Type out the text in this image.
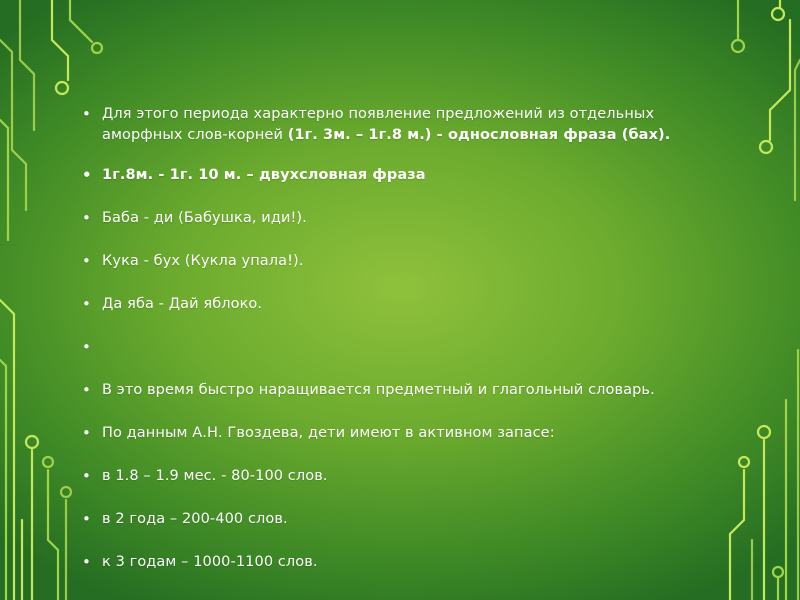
• Для этого периода характерно появление предложений из отдельных аморфных слов-корней (1г. 3м. – 1г.8 м.) - однословная фраза (бах).
• 1г.8м. - 1г. 10 м. – двухсловная фраза
• Баба - ди (Бабушка, иди!).
• Кука - бух (Кукла упала!).
• Да яба - Дай яблоко.
•
• В это время быстро наращивается предметный и глагольный словарь.
• По данным А.Н. Гвоздева, дети имеют в активном запасе:
• в 1.8 – 1.9 мес. - 80-100 слов.
• в 2 года – 200-400 слов.
• к 3 годам – 1000-1100 слов.
